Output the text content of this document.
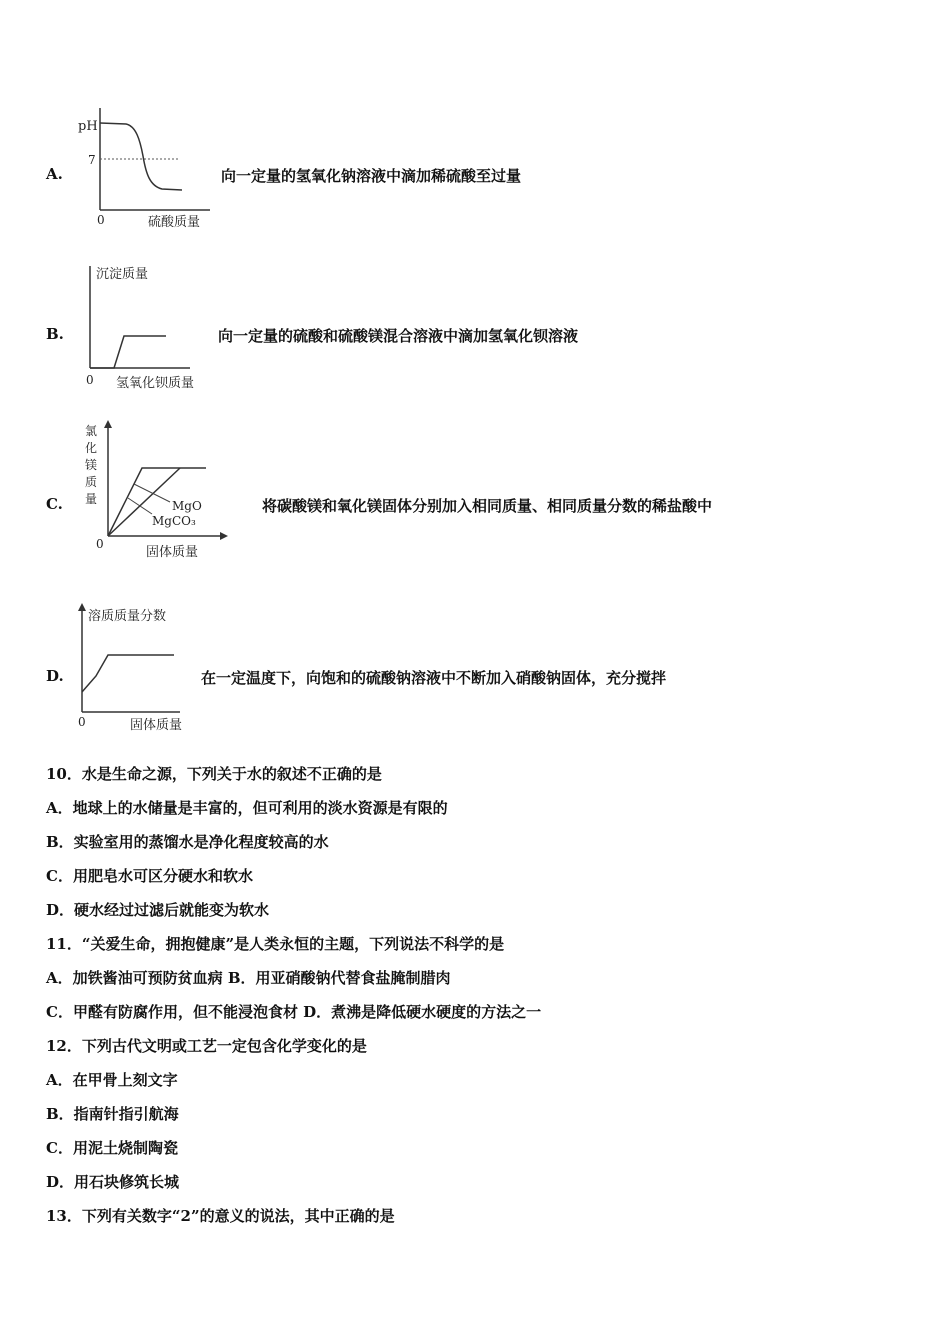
A.
pH
7
0	硫酸质量
向一定量的氢氧化钠溶液中滴加稀硫酸至过量
B.
沉淀质量
0 氢氧化钡质量
向一定量的硫酸和硫酸镁混合溶液中滴加氢氧化钡溶液
C.
氯
化
镁
质
量	MgO
MgCO₃
0
固体质量
将碳酸镁和氧化镁固体分别加入相同质量、相同质量分数的稀盐酸中
D.
溶质质量分数
0	固体质量
在一定温度下，向饱和的硫酸钠溶液中不断加入硝酸钠固体，充分搅拌
10．水是生命之源，下列关于水的叙述不正确的是
A．地球上的水储量是丰富的，但可利用的淡水资源是有限的
B．实验室用的蒸馏水是净化程度较高的水
C．用肥皂水可区分硬水和软水
D．硬水经过过滤后就能变为软水
11．“关爱生命，拥抱健康”是人类永恒的主题，下列说法不科学的是
A．加铁酱油可预防贫血病 B．用亚硝酸钠代替食盐腌制腊肉
C．甲醛有防腐作用，但不能浸泡食材 D．煮沸是降低硬水硬度的方法之一
12．下列古代文明或工艺一定包含化学变化的是
A．在甲骨上刻文字
B．指南针指引航海
C．用泥土烧制陶瓷
D．用石块修筑长城
13．下列有关数字“2”的意义的说法，其中正确的是
